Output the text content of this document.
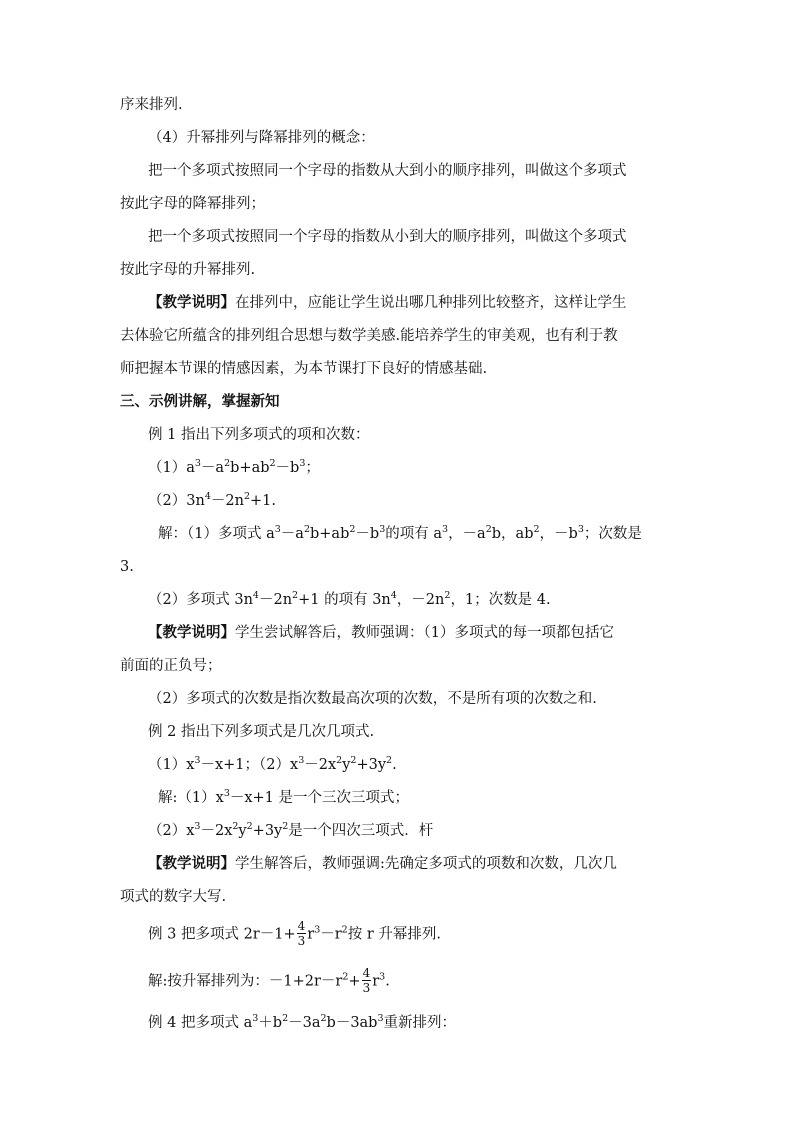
序来排列.
（4）升幂排列与降幂排列的概念：
把一个多项式按照同一个字母的指数从大到小的顺序排列，叫做这个多项式
按此字母的降幂排列；
把一个多项式按照同一个字母的指数从小到大的顺序排列，叫做这个多项式
按此字母的升幂排列.
【教学说明】在排列中，应能让学生说出哪几种排列比较整齐，这样让学生
去体验它所蕴含的排列组合思想与数学美感.能培养学生的审美观，也有利于教
师把握本节课的情感因素，为本节课打下良好的情感基础.
三、示例讲解，掌握新知
例 1 指出下列多项式的项和次数：
$(1)a^3-a^2b+ab^2-b^3$；
$(2)3n^4-2n^2+1$.
解：（1）多项式 $a^3-a^2b+ab^2-b^3$的项有 $a^3$，$-a^2b$，$ab^2$，$-b^3$；次数是
3.
（2）多项式 $3n^4-2n^2+1$ 的项有 $3n^4$，$-2n^2$，1；次数是 4.
【教学说明】学生尝试解答后，教师强调：（1）多项式的每一项都包括它
前面的正负号；
（2）多项式的次数是指次数最高次项的次数，不是所有项的次数之和.
例 2 指出下列多项式是几次几项式.
$(1)x^3-x+1$；$(2)x^3-2x^2y^2+3y^2$.
解$:(1)x^3-x+1$ 是一个三次三项式；
$(2)x^3-2x^2y^2+3y^2$是一个四次三项式．杆
【教学说明】学生解答后，教师强调:先确定多项式的项数和次数，几次几
项式的数字大写.
例 3 把多项式 $2r-1+ \frac{4}{3} r^3-r^2$按 r 升幂排列.
解:按升幂排列为：$-1+2r-r^2+ \frac{4}{3} r^3$.
例 4 把多项式 $a^3+b^2-3a^2b-3ab^3$重新排列：
